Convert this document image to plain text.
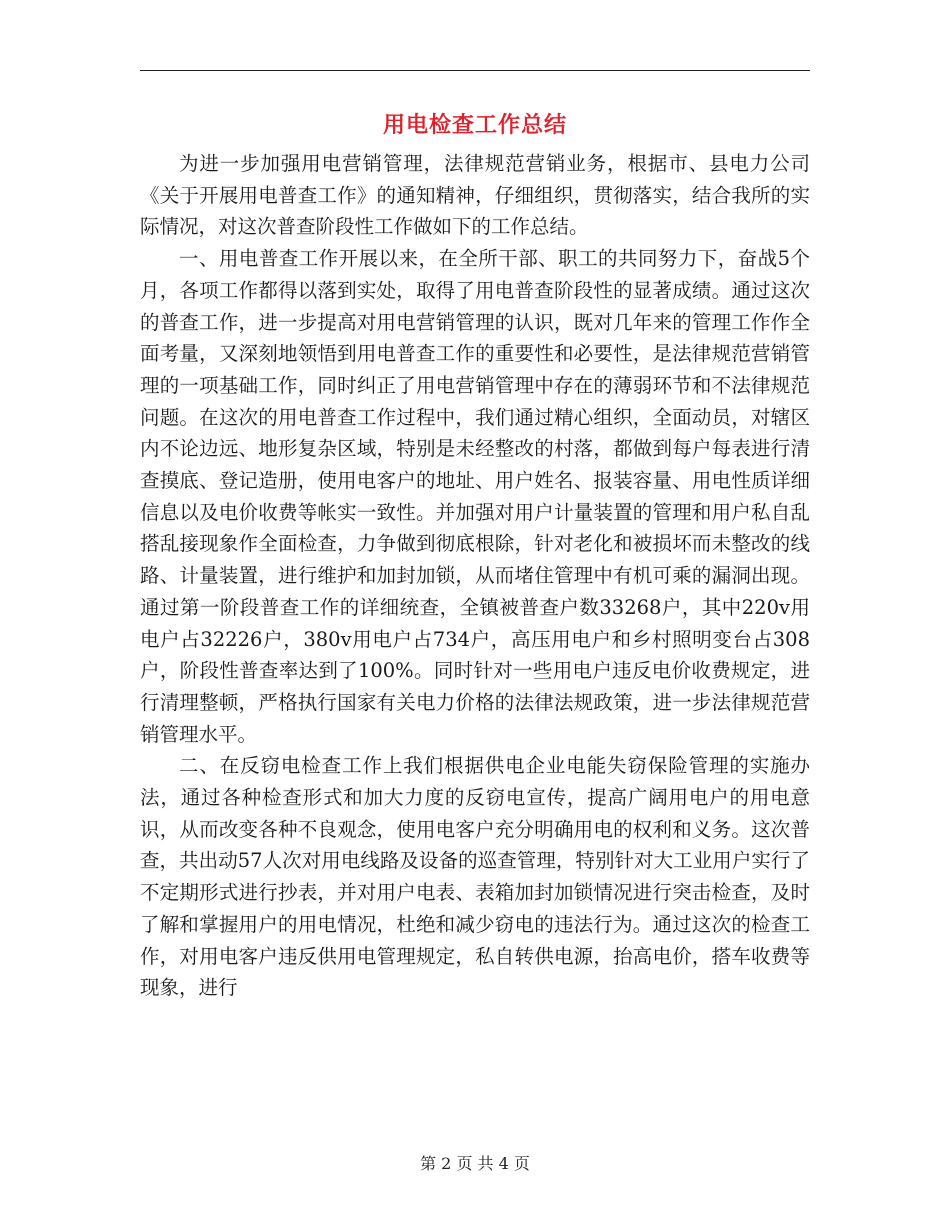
用电检查工作总结

为进一步加强用电营销管理，法律规范营销业务，根据市、县电力公司《关于开展用电普查工作》的通知精神，仔细组织，贯彻落实，结合我所的实际情况，对这次普查阶段性工作做如下的工作总结。

一、用电普查工作开展以来，在全所干部、职工的共同努力下，奋战5个月，各项工作都得以落到实处，取得了用电普查阶段性的显著成绩。通过这次的普查工作，进一步提高对用电营销管理的认识，既对几年来的管理工作作全面考量，又深刻地领悟到用电普查工作的重要性和必要性，是法律规范营销管理的一项基础工作，同时纠正了用电营销管理中存在的薄弱环节和不法律规范问题。在这次的用电普查工作过程中，我们通过精心组织，全面动员，对辖区内不论边远、地形复杂区域，特别是未经整改的村落，都做到每户每表进行清查摸底、登记造册，使用电客户的地址、用户姓名、报装容量、用电性质详细信息以及电价收费等帐实一致性。并加强对用户计量装置的管理和用户私自乱搭乱接现象作全面检查，力争做到彻底根除，针对老化和被损坏而未整改的线路、计量装置，进行维护和加封加锁，从而堵住管理中有机可乘的漏洞出现。通过第一阶段普查工作的详细统查，全镇被普查户数33268户，其中220v用电户占32226户，380v用电户占734户，高压用电户和乡村照明变台占308户，阶段性普查率达到了100%。同时针对一些用电户违反电价收费规定，进行清理整顿，严格执行国家有关电力价格的法律法规政策，进一步法律规范营销管理水平。

二、在反窃电检查工作上我们根据供电企业电能失窃保险管理的实施办法，通过各种检查形式和加大力度的反窃电宣传，提高广阔用电户的用电意识，从而改变各种不良观念，使用电客户充分明确用电的权利和义务。这次普查，共出动57人次对用电线路及设备的巡查管理，特别针对大工业用户实行了不定期形式进行抄表，并对用户电表、表箱加封加锁情况进行突击检查，及时了解和掌握用户的用电情况，杜绝和减少窃电的违法行为。通过这次的检查工作，对用电客户违反供用电管理规定，私自转供电源，抬高电价，搭车收费等现象，进行

第 2 页 共 4 页
